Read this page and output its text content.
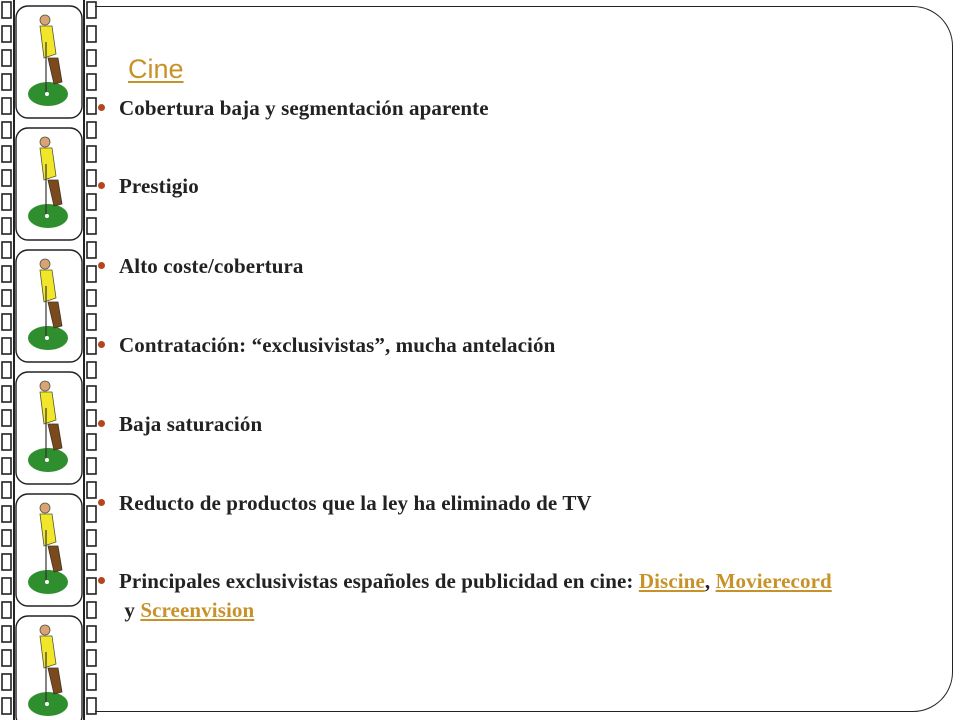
Cine
Cobertura baja y segmentación aparente
Prestigio
Alto coste/cobertura
Contratación: “exclusivistas”, mucha antelación
Baja saturación
Reducto de productos que la ley ha eliminado de TV
Principales exclusivistas españoles de publicidad en cine: Discine, Movierecord y Screenvision
